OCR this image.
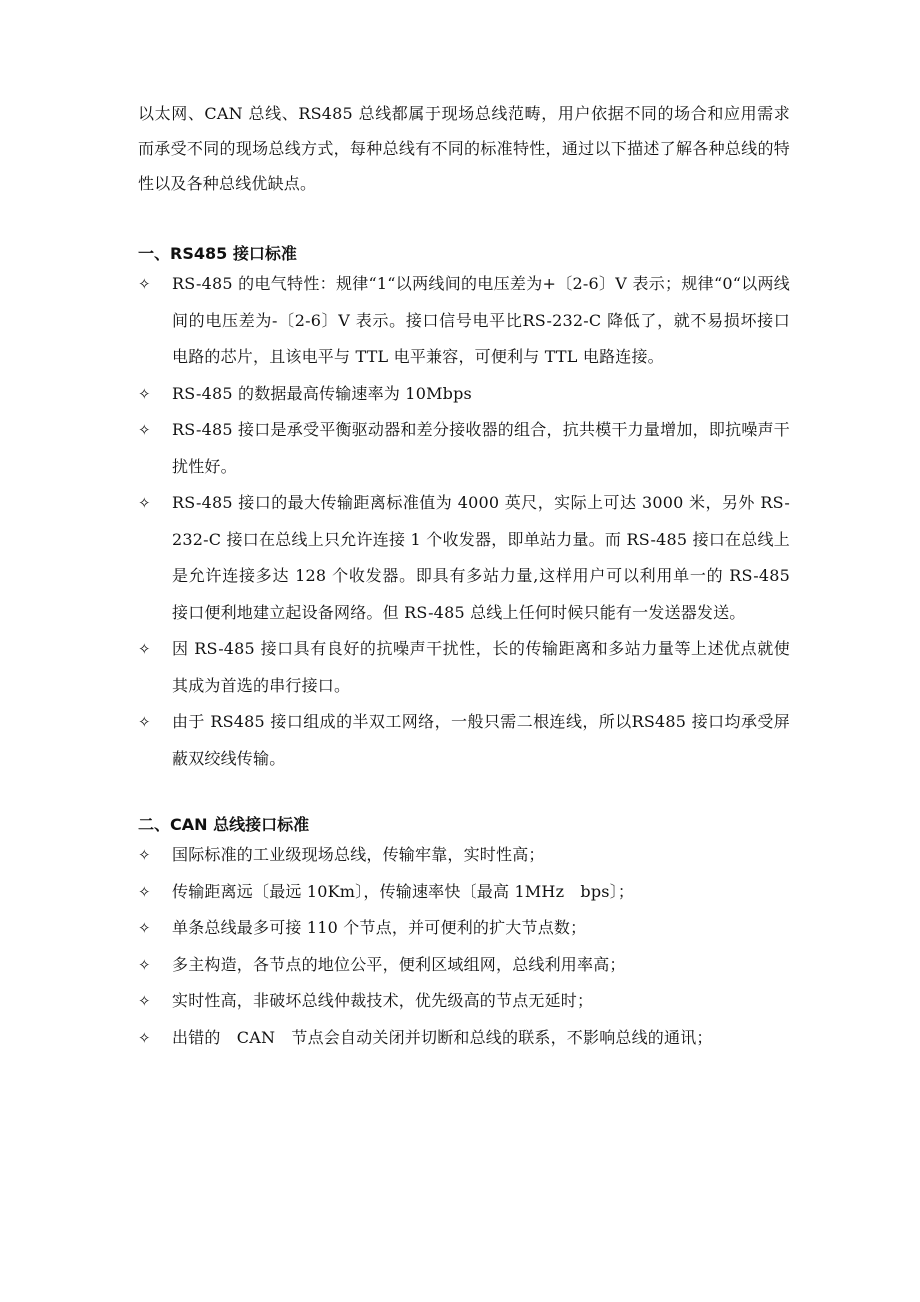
以太网、CAN 总线、RS485 总线都属于现场总线范畴，用户依据不同的场合和应用需求而承受不同的现场总线方式，每种总线有不同的标准特性，通过以下描述了解各种总线的特性以及各种总线优缺点。

一、RS485 接口标准
✧	RS-485 的电气特性：规律“1“以两线间的电压差为+〔2-6〕V 表示；规律“0“以两线间的电压差为-〔2-6〕V 表示。接口信号电平比RS-232-C 降低了，就不易损坏接口电路的芯片，且该电平与 TTL 电平兼容，可便利与 TTL 电路连接。
✧	RS-485 的数据最高传输速率为 10Mbps
✧	RS-485 接口是承受平衡驱动器和差分接收器的组合，抗共模干力量增加，即抗噪声干扰性好。
✧	RS-485 接口的最大传输距离标准值为 4000 英尺，实际上可达 3000 米，另外 RS-232-C 接口在总线上只允许连接 1 个收发器，即单站力量。而 RS-485 接口在总线上是允许连接多达 128 个收发器。即具有多站力量,这样用户可以利用单一的 RS-485 接口便利地建立起设备网络。但 RS-485 总线上任何时候只能有一发送器发送。
✧	因 RS-485 接口具有良好的抗噪声干扰性，长的传输距离和多站力量等上述优点就使其成为首选的串行接口。
✧	由于 RS485 接口组成的半双工网络，一般只需二根连线，所以RS485 接口均承受屏蔽双绞线传输。
二、CAN 总线接口标准
✧	国际标准的工业级现场总线，传输牢靠，实时性高；
✧	传输距离远〔最远 10Km〕，传输速率快〔最高 1MHz　bps〕；
✧	单条总线最多可接 110 个节点，并可便利的扩大节点数；
✧	多主构造，各节点的地位公平，便利区域组网，总线利用率高；
✧	实时性高，非破坏总线仲裁技术，优先级高的节点无延时；
✧	出错的　CAN　节点会自动关闭并切断和总线的联系，不影响总线的通讯；
